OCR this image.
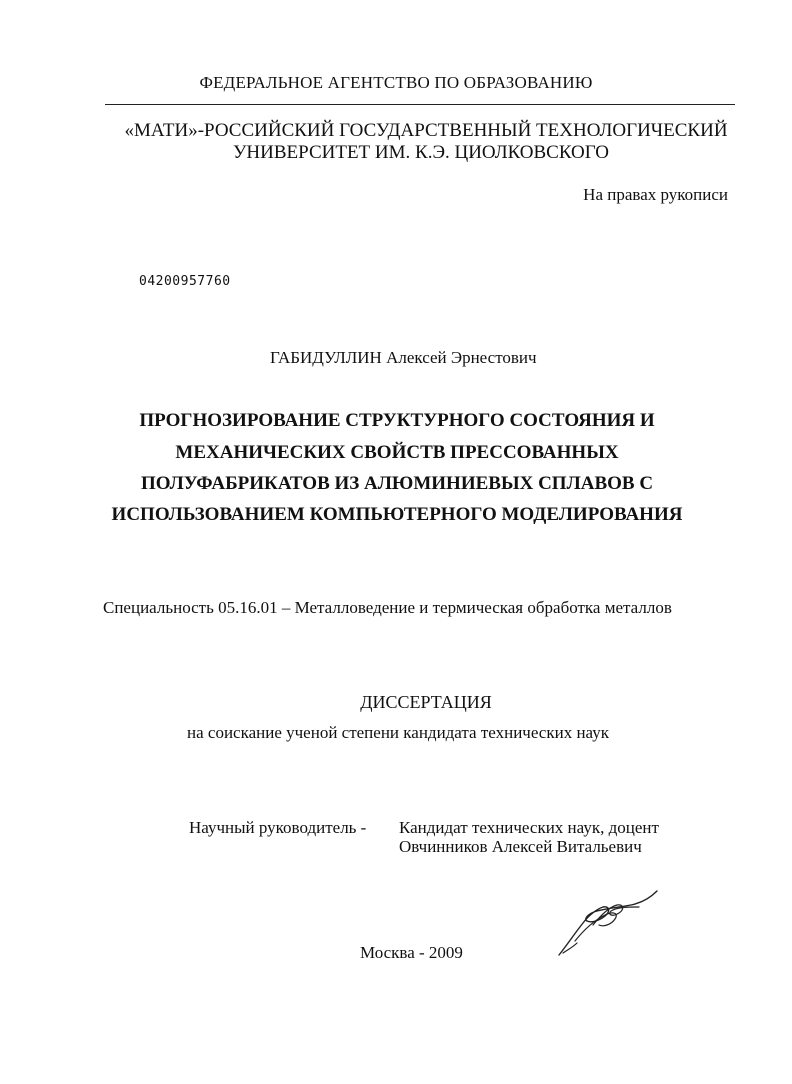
ФЕДЕРАЛЬНОЕ АГЕНТСТВО ПО ОБРАЗОВАНИЮ
«МАТИ»-РОССИЙСКИЙ ГОСУДАРСТВЕННЫЙ ТЕХНОЛОГИЧЕСКИЙ
УНИВЕРСИТЕТ ИМ. К.Э. ЦИОЛКОВСКОГО
На правах рукописи
04200957760
ГАБИДУЛЛИН Алексей Эрнестович
ПРОГНОЗИРОВАНИЕ СТРУКТУРНОГО СОСТОЯНИЯ И
МЕХАНИЧЕСКИХ СВОЙСТВ ПРЕССОВАННЫХ
ПОЛУФАБРИКАТОВ ИЗ АЛЮМИНИЕВЫХ СПЛАВОВ С
ИСПОЛЬЗОВАНИЕМ КОМПЬЮТЕРНОГО МОДЕЛИРОВАНИЯ
Специальность 05.16.01 – Металловедение и термическая обработка металлов
ДИССЕРТАЦИЯ
на соискание ученой степени кандидата технических наук
Научный руководитель - Кандидат технических наук, доцент
Овчинников Алексей Витальевич
Москва - 2009
